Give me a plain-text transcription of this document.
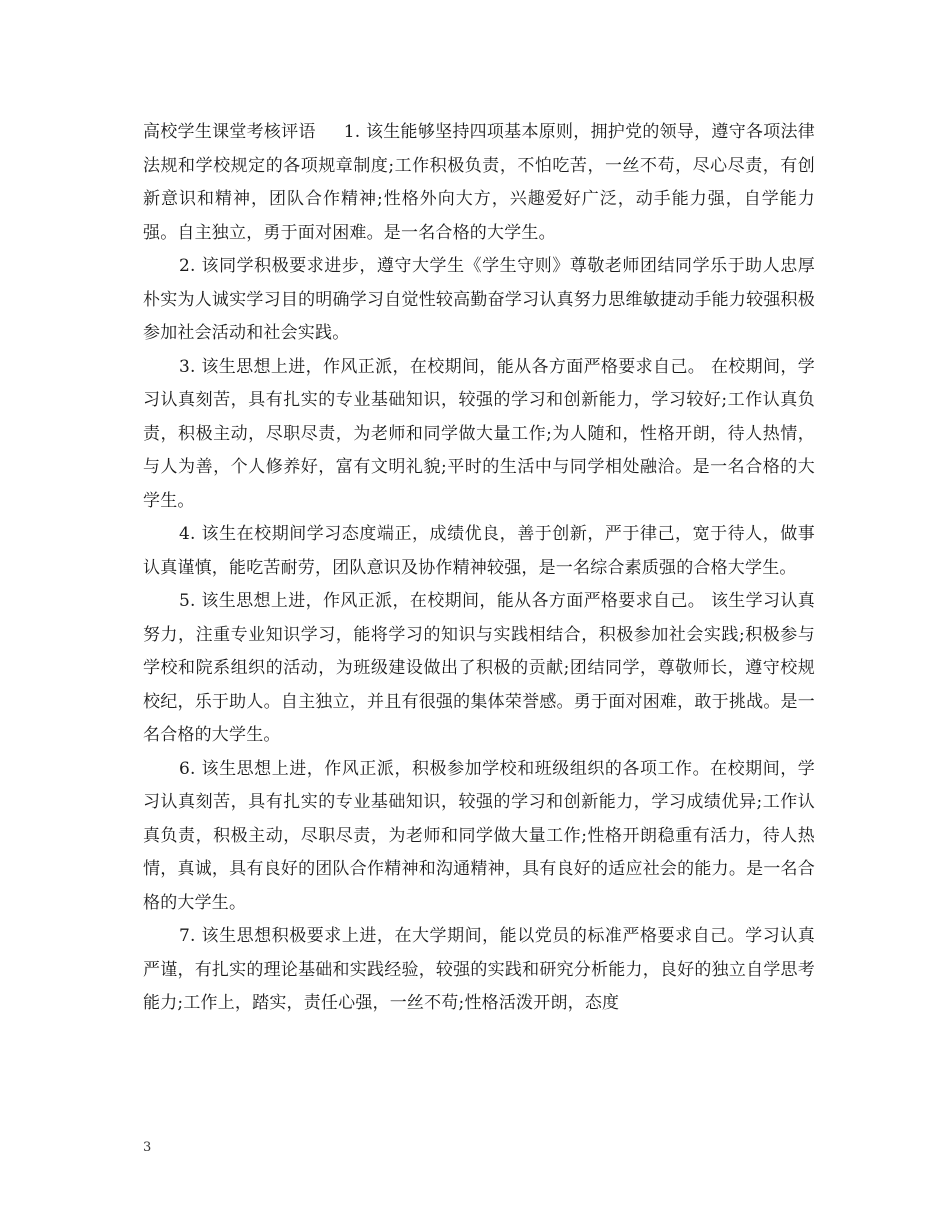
高校学生课堂考核评语 1. 该生能够坚持四项基本原则，拥护党的领导，遵守各项法律法规和学校规定的各项规章制度;工作积极负责，不怕吃苦，一丝不苟，尽心尽责，有创新意识和精神，团队合作精神;性格外向大方，兴趣爱好广泛，动手能力强，自学能力强。自主独立，勇于面对困难。是一名合格的大学生。

2. 该同学积极要求进步，遵守大学生《学生守则》尊敬老师团结同学乐于助人忠厚朴实为人诚实学习目的明确学习自觉性较高勤奋学习认真努力思维敏捷动手能力较强积极参加社会活动和社会实践。

3. 该生思想上进，作风正派，在校期间，能从各方面严格要求自己。 在校期间，学习认真刻苦，具有扎实的专业基础知识，较强的学习和创新能力，学习较好;工作认真负责，积极主动，尽职尽责，为老师和同学做大量工作;为人随和，性格开朗，待人热情，与人为善，个人修养好，富有文明礼貌;平时的生活中与同学相处融洽。是一名合格的大学生。

4. 该生在校期间学习态度端正，成绩优良，善于创新，严于律己，宽于待人，做事认真谨慎，能吃苦耐劳，团队意识及协作精神较强，是一名综合素质强的合格大学生。

5. 该生思想上进，作风正派，在校期间，能从各方面严格要求自己。 该生学习认真努力，注重专业知识学习，能将学习的知识与实践相结合，积极参加社会实践;积极参与学校和院系组织的活动，为班级建设做出了积极的贡献;团结同学，尊敬师长，遵守校规校纪，乐于助人。自主独立，并且有很强的集体荣誉感。勇于面对困难，敢于挑战。是一名合格的大学生。

6. 该生思想上进，作风正派，积极参加学校和班级组织的各项工作。在校期间，学习认真刻苦，具有扎实的专业基础知识，较强的学习和创新能力，学习成绩优异;工作认真负责，积极主动，尽职尽责，为老师和同学做大量工作;性格开朗稳重有活力，待人热情，真诚，具有良好的团队合作精神和沟通精神，具有良好的适应社会的能力。是一名合格的大学生。

7. 该生思想积极要求上进，在大学期间，能以党员的标准严格要求自己。学习认真严谨，有扎实的理论基础和实践经验，较强的实践和研究分析能力，良好的独立自学思考能力;工作上，踏实，责任心强，一丝不苟;性格活泼开朗，态度

3
